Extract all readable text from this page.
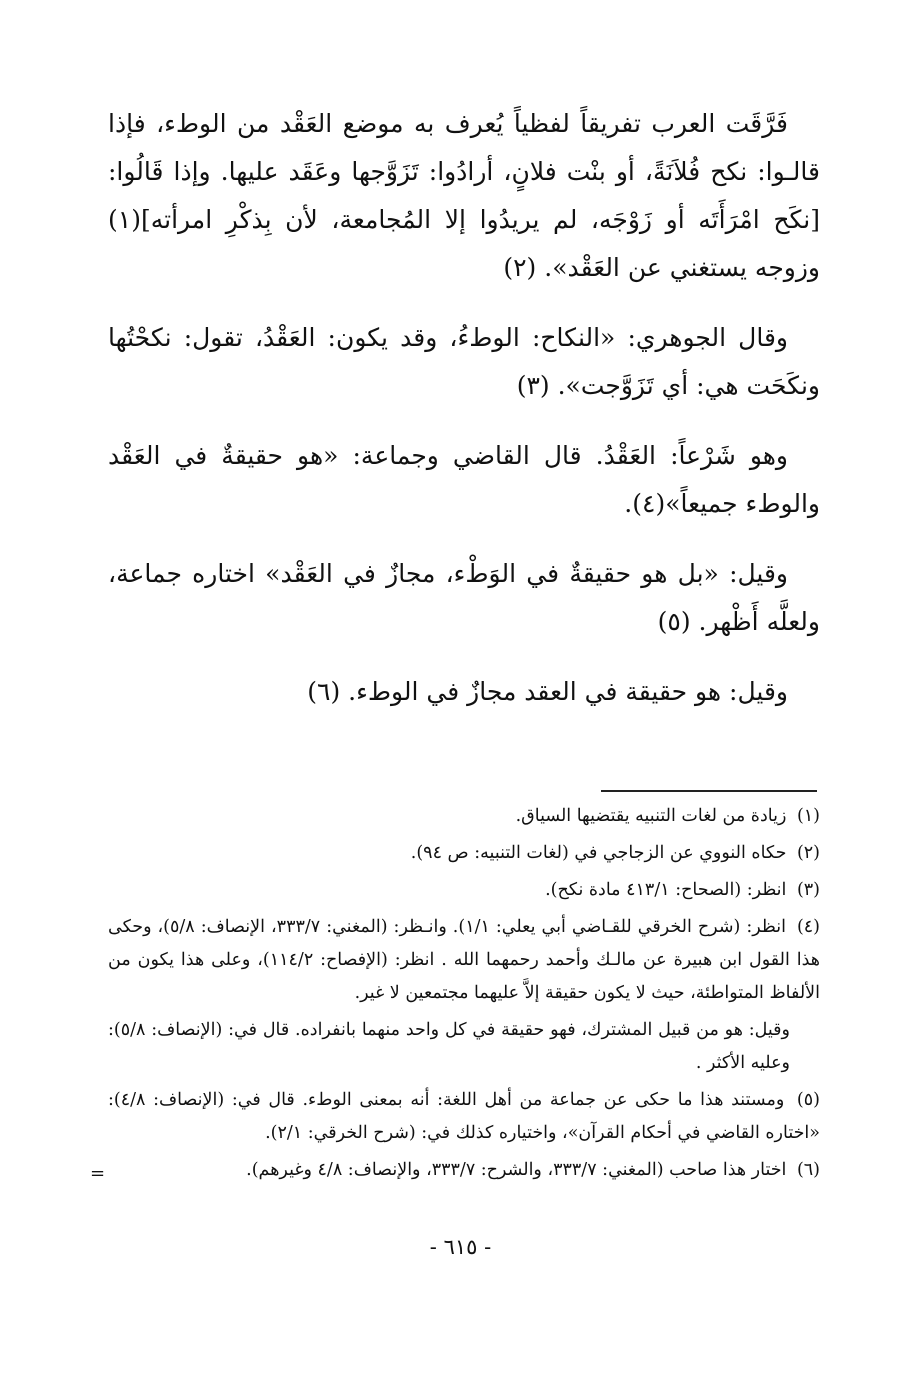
فَرَّقَت العرب تفريقاً لفظياً يُعرف به موضع العَقْد من الوطء، فإذا قالـوا: نكح فُلاَنَةً، أو بنْت فلانٍ، أرادُوا: تَزَوَّجها وعَقَد عليها. وإذا قَالُوا: [نكَح امْرَأَتَه أو زَوْجَه، لم يريدُوا إلا المُجامعة، لأن بِذكْرِ امرأته](١) وزوجه يستغني عن العَقْد». (٢)

وقال الجوهري: «النكاح: الوطءُ، وقد يكون: العَقْدُ، تقول: نكحْتُها ونكَحَت هي: أي تَزَوَّجت». (٣)

وهو شَرْعاً: العَقْدُ. قال القاضي وجماعة: «هو حقيقةٌ في العَقْد والوطء جميعاً»(٤).

وقيل: «بل هو حقيقةٌ في الوَطْء، مجازٌ في العَقْد» اختاره جماعة، ولعلَّه أَظْهر. (٥)

وقيل: هو حقيقة في العقد مجازٌ في الوطء. (٦)

(١) زيادة من لغات التنبيه يقتضيها السياق.
(٢) حكاه النووي عن الزجاجي في (لغات التنبيه: ص ٩٤).
(٣) انظر: (الصحاح: ٤١٣/١ مادة نكح).
(٤) انظر: (شرح الخرقي للقـاضي أبي يعلي: ١/١). وانـظر: (المغني: ٣٣٣/٧، الإنصاف: ٥/٨)، وحكى هذا القول ابن هبيرة عن مالـك وأحمد رحمهما الله . انظر: (الإفصاح: ١١٤/٢)، وعلى هذا يكون من الألفاظ المتواطئة، حيث لا يكون حقيقة إلاَّ عليهما مجتمعين لا غير.
وقيل: هو من قبيل المشترك، فهو حقيقة في كل واحد منهما بانفراده. قال في: (الإنصاف: ٥/٨): وعليه الأكثر .
(٥) ومستند هذا ما حكى عن جماعة من أهل اللغة: أنه بمعنى الوطء. قال في: (الإنصاف: ٤/٨): «اختاره القاضي في أحكام القرآن»، واختياره كذلك في: (شرح الخرقي: ٢/١).
(٦) اختار هذا صاحب (المغني: ٣٣٣/٧، والشرح: ٣٣٣/٧، والإنصاف: ٤/٨ وغيرهم).
=
- ٦١٥ -
